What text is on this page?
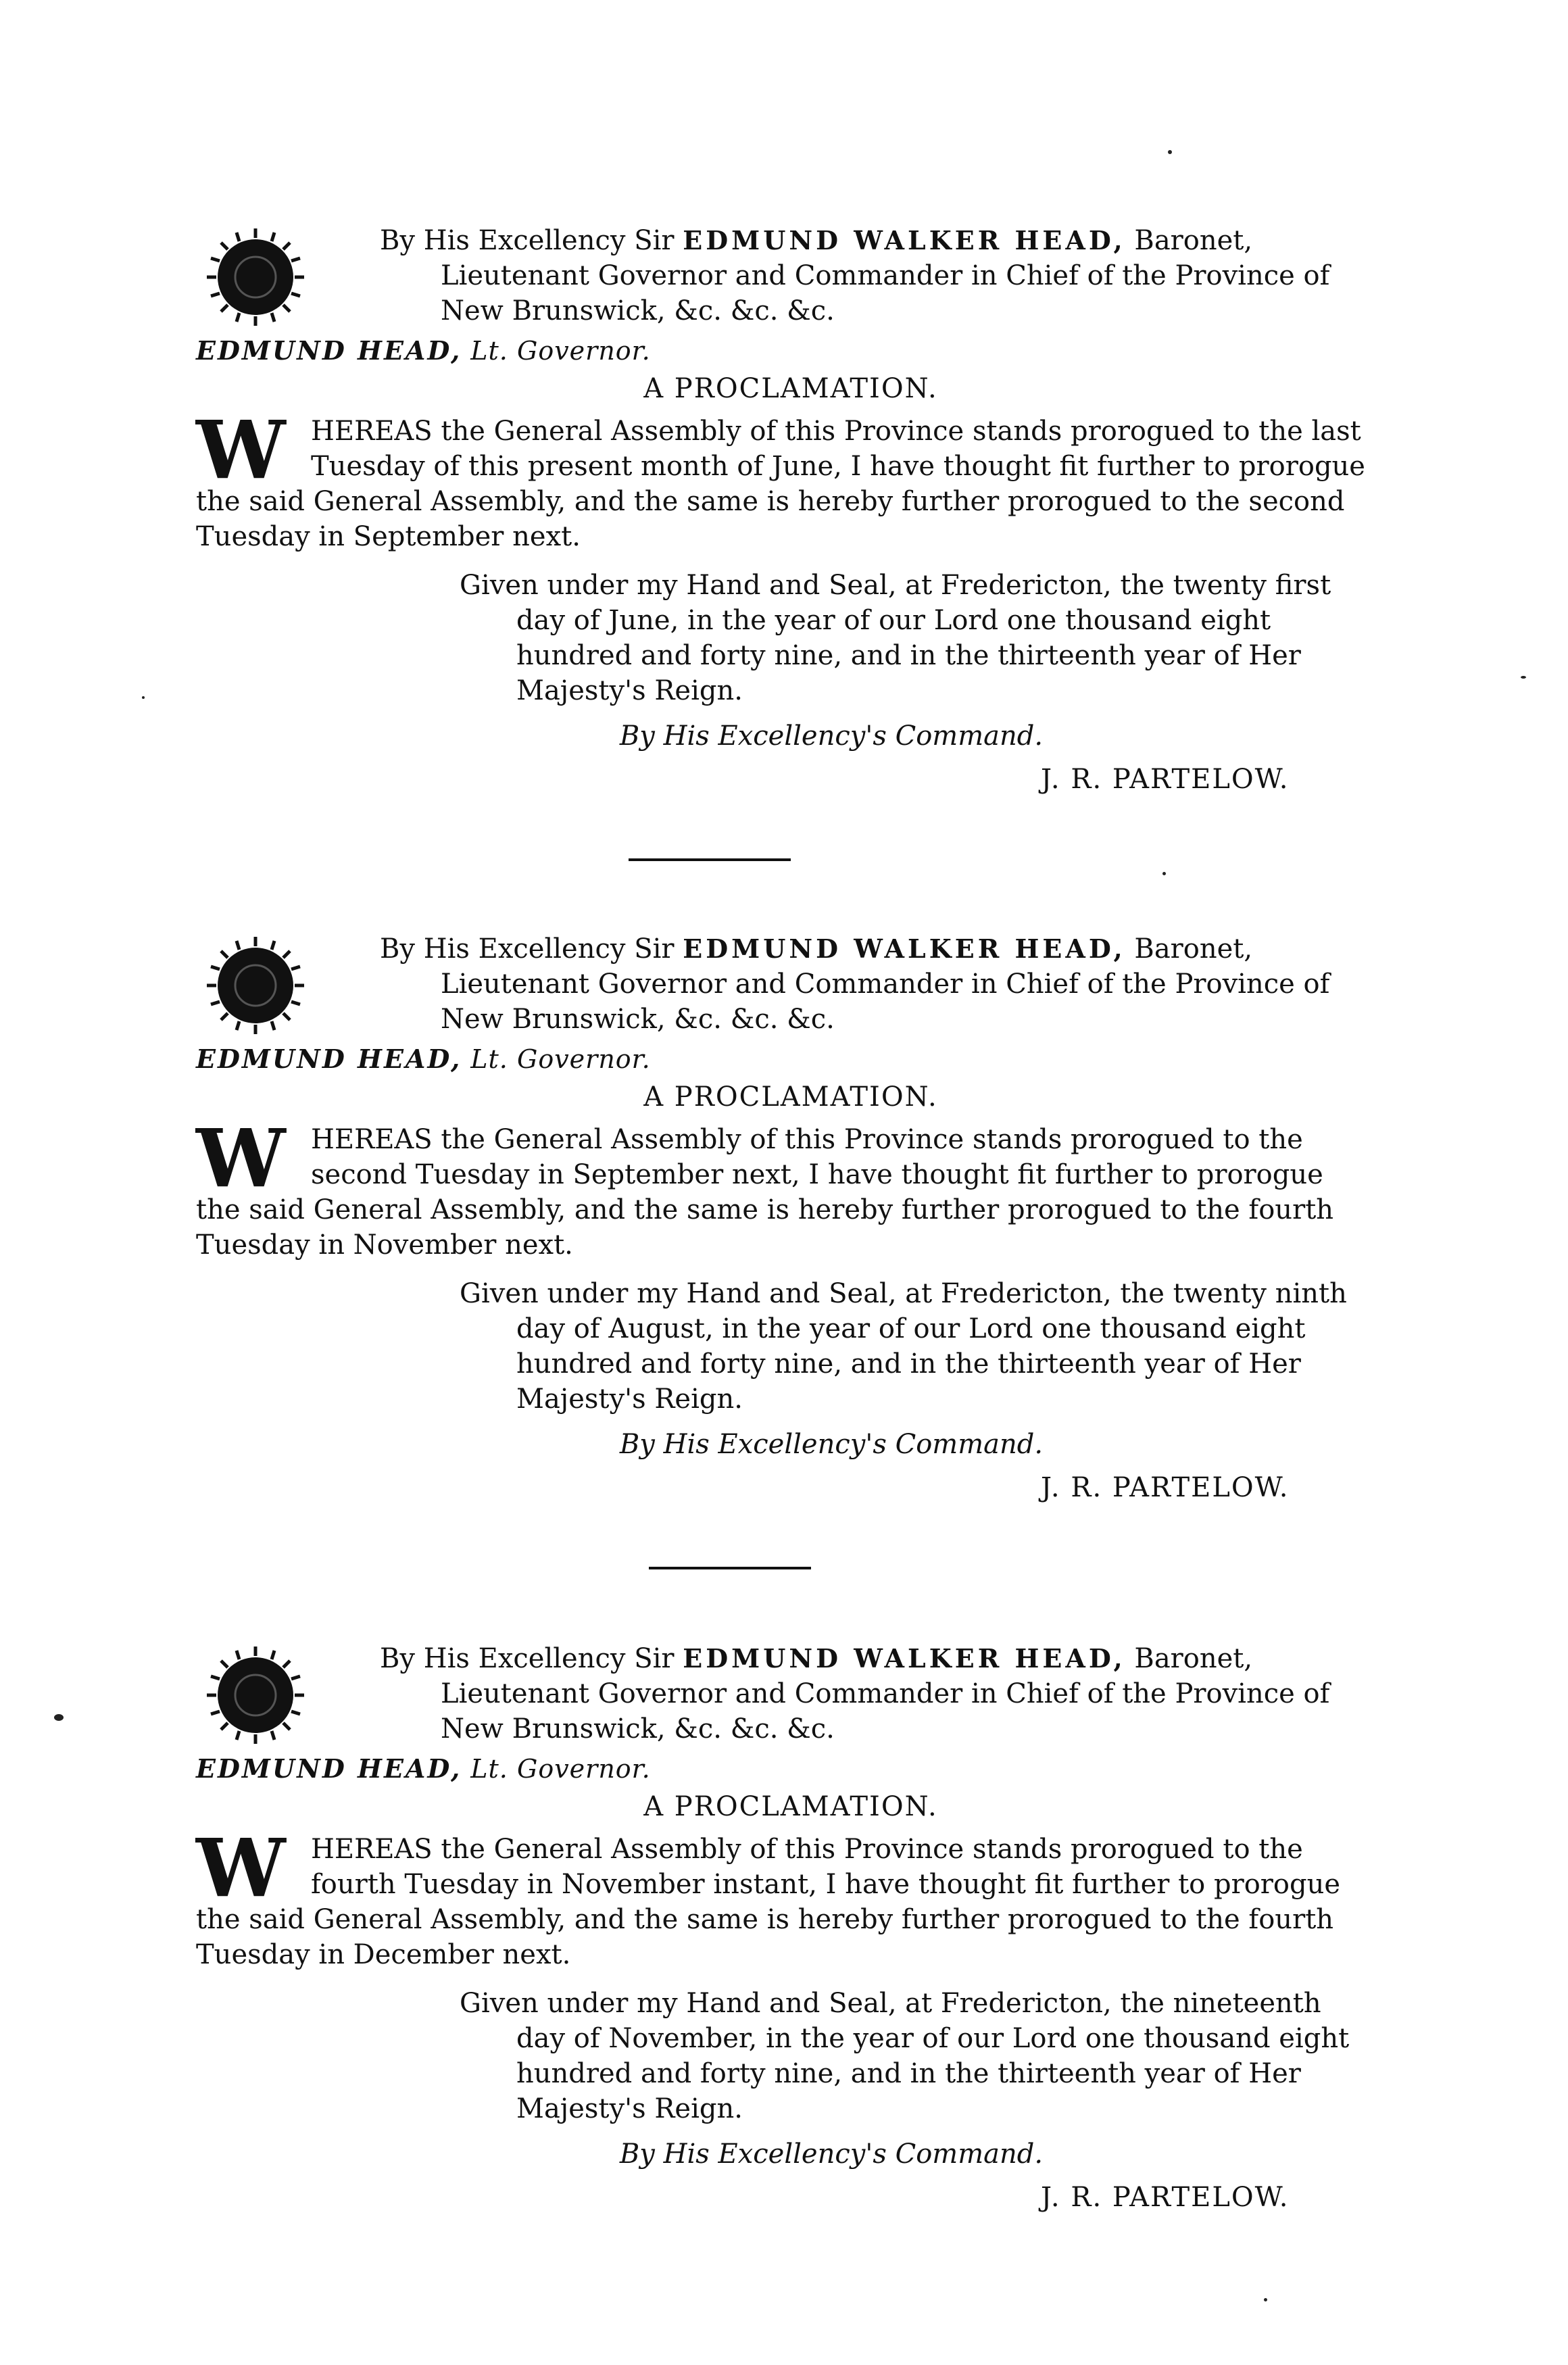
By His Excellency Sir EDMUND WALKER HEAD, Baronet,
Lieutenant Governor and Commander in Chief of the Province of
New Brunswick, &c. &c. &c.
EDMUND HEAD, Lt. Governor.
A PROCLAMATION.
W HEREAS the General Assembly of this Province stands prorogued to the last
Tuesday of this present month of June, I have thought fit further to prorogue
the said General Assembly, and the same is hereby further prorogued to the second
Tuesday in September next.
Given under my Hand and Seal, at Fredericton, the twenty first
day of June, in the year of our Lord one thousand eight
hundred and forty nine, and in the thirteenth year of Her
Majesty's Reign.
By His Excellency's Command.
J. R. PARTELOW.
By His Excellency Sir EDMUND WALKER HEAD, Baronet,
Lieutenant Governor and Commander in Chief of the Province of
New Brunswick, &c. &c. &c.
EDMUND HEAD, Lt. Governor.
A PROCLAMATION.
W HEREAS the General Assembly of this Province stands prorogued to the
second Tuesday in September next, I have thought fit further to prorogue
the said General Assembly, and the same is hereby further prorogued to the fourth
Tuesday in November next.
Given under my Hand and Seal, at Fredericton, the twenty ninth
day of August, in the year of our Lord one thousand eight
hundred and forty nine, and in the thirteenth year of Her
Majesty's Reign.
By His Excellency's Command.
J. R. PARTELOW.
By His Excellency Sir EDMUND WALKER HEAD, Baronet,
Lieutenant Governor and Commander in Chief of the Province of
New Brunswick, &c. &c. &c.
EDMUND HEAD, Lt. Governor.
A PROCLAMATION.
W HEREAS the General Assembly of this Province stands prorogued to the
fourth Tuesday in November instant, I have thought fit further to prorogue
the said General Assembly, and the same is hereby further prorogued to the fourth
Tuesday in December next.
Given under my Hand and Seal, at Fredericton, the nineteenth
day of November, in the year of our Lord one thousand eight
hundred and forty nine, and in the thirteenth year of Her
Majesty's Reign.
By His Excellency's Command.
J. R. PARTELOW.
